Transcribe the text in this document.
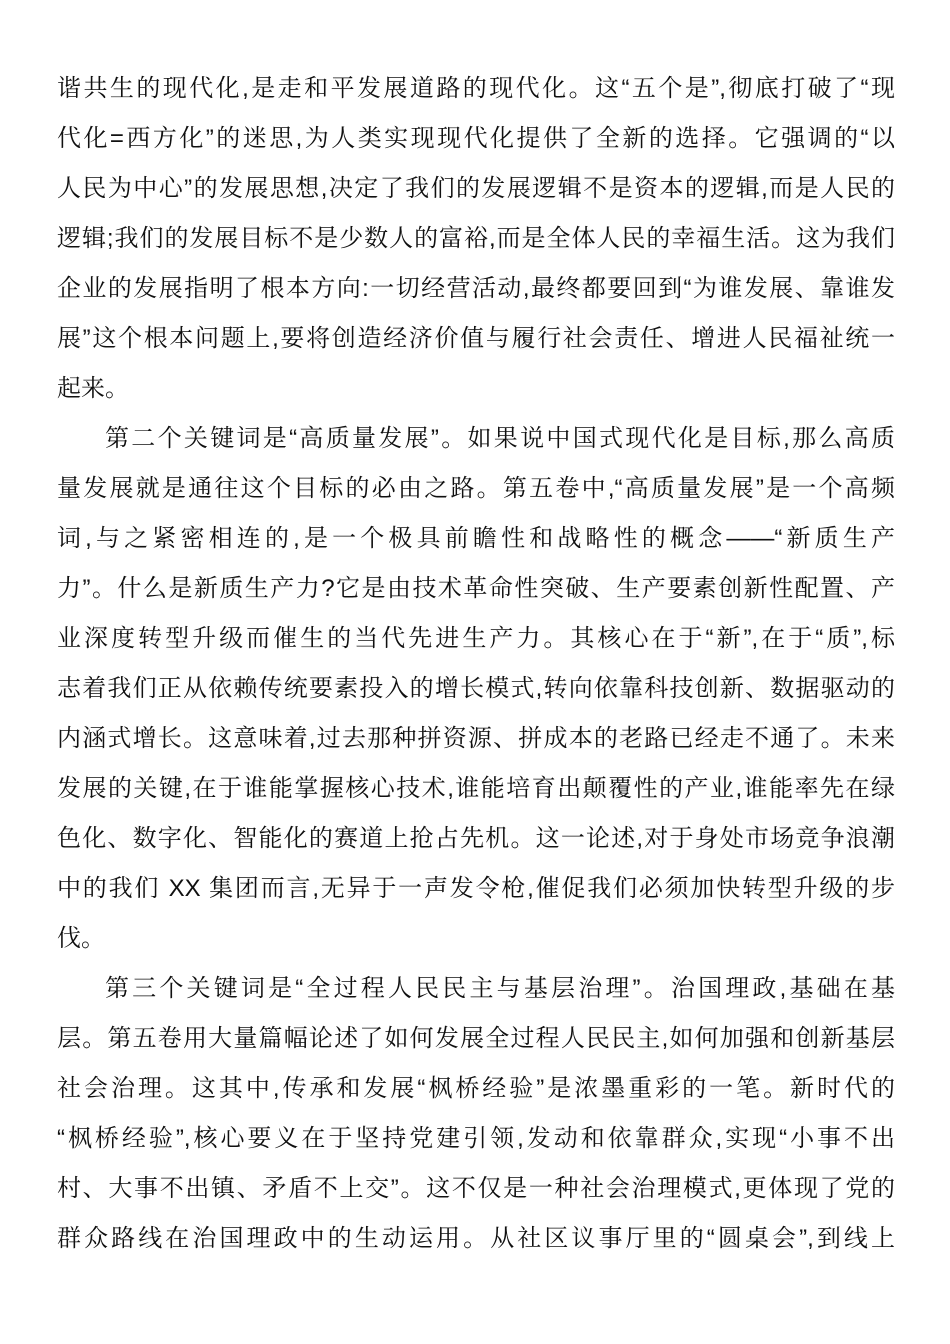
谐共生的现代化,是走和平发展道路的现代化。这“五个是”,彻底打破了“现
代化=西方化”的迷思,为人类实现现代化提供了全新的选择。它强调的“以
人民为中心”的发展思想,决定了我们的发展逻辑不是资本的逻辑,而是人民的
逻辑;我们的发展目标不是少数人的富裕,而是全体人民的幸福生活。这为我们
企业的发展指明了根本方向:一切经营活动,最终都要回到“为谁发展、靠谁发
展”这个根本问题上,要将创造经济价值与履行社会责任、增进人民福祉统一
起来。
第二个关键词是“高质量发展”。如果说中国式现代化是目标,那么高质
量发展就是通往这个目标的必由之路。第五卷中,“高质量发展”是一个高频
词,与之紧密相连的,是一个极具前瞻性和战略性的概念——“新质生产
力”。什么是新质生产力?它是由技术革命性突破、生产要素创新性配置、产
业深度转型升级而催生的当代先进生产力。其核心在于“新”,在于“质”,标
志着我们正从依赖传统要素投入的增长模式,转向依靠科技创新、数据驱动的
内涵式增长。这意味着,过去那种拼资源、拼成本的老路已经走不通了。未来
发展的关键,在于谁能掌握核心技术,谁能培育出颠覆性的产业,谁能率先在绿
色化、数字化、智能化的赛道上抢占先机。这一论述,对于身处市场竞争浪潮
中的我们 XX 集团而言,无异于一声发令枪,催促我们必须加快转型升级的步
伐。
第三个关键词是“全过程人民民主与基层治理”。治国理政,基础在基
层。第五卷用大量篇幅论述了如何发展全过程人民民主,如何加强和创新基层
社会治理。这其中,传承和发展“枫桥经验”是浓墨重彩的一笔。新时代的
“枫桥经验”,核心要义在于坚持党建引领,发动和依靠群众,实现“小事不出
村、大事不出镇、矛盾不上交”。这不仅是一种社会治理模式,更体现了党的
群众路线在治国理政中的生动运用。从社区议事厅里的“圆桌会”,到线上
